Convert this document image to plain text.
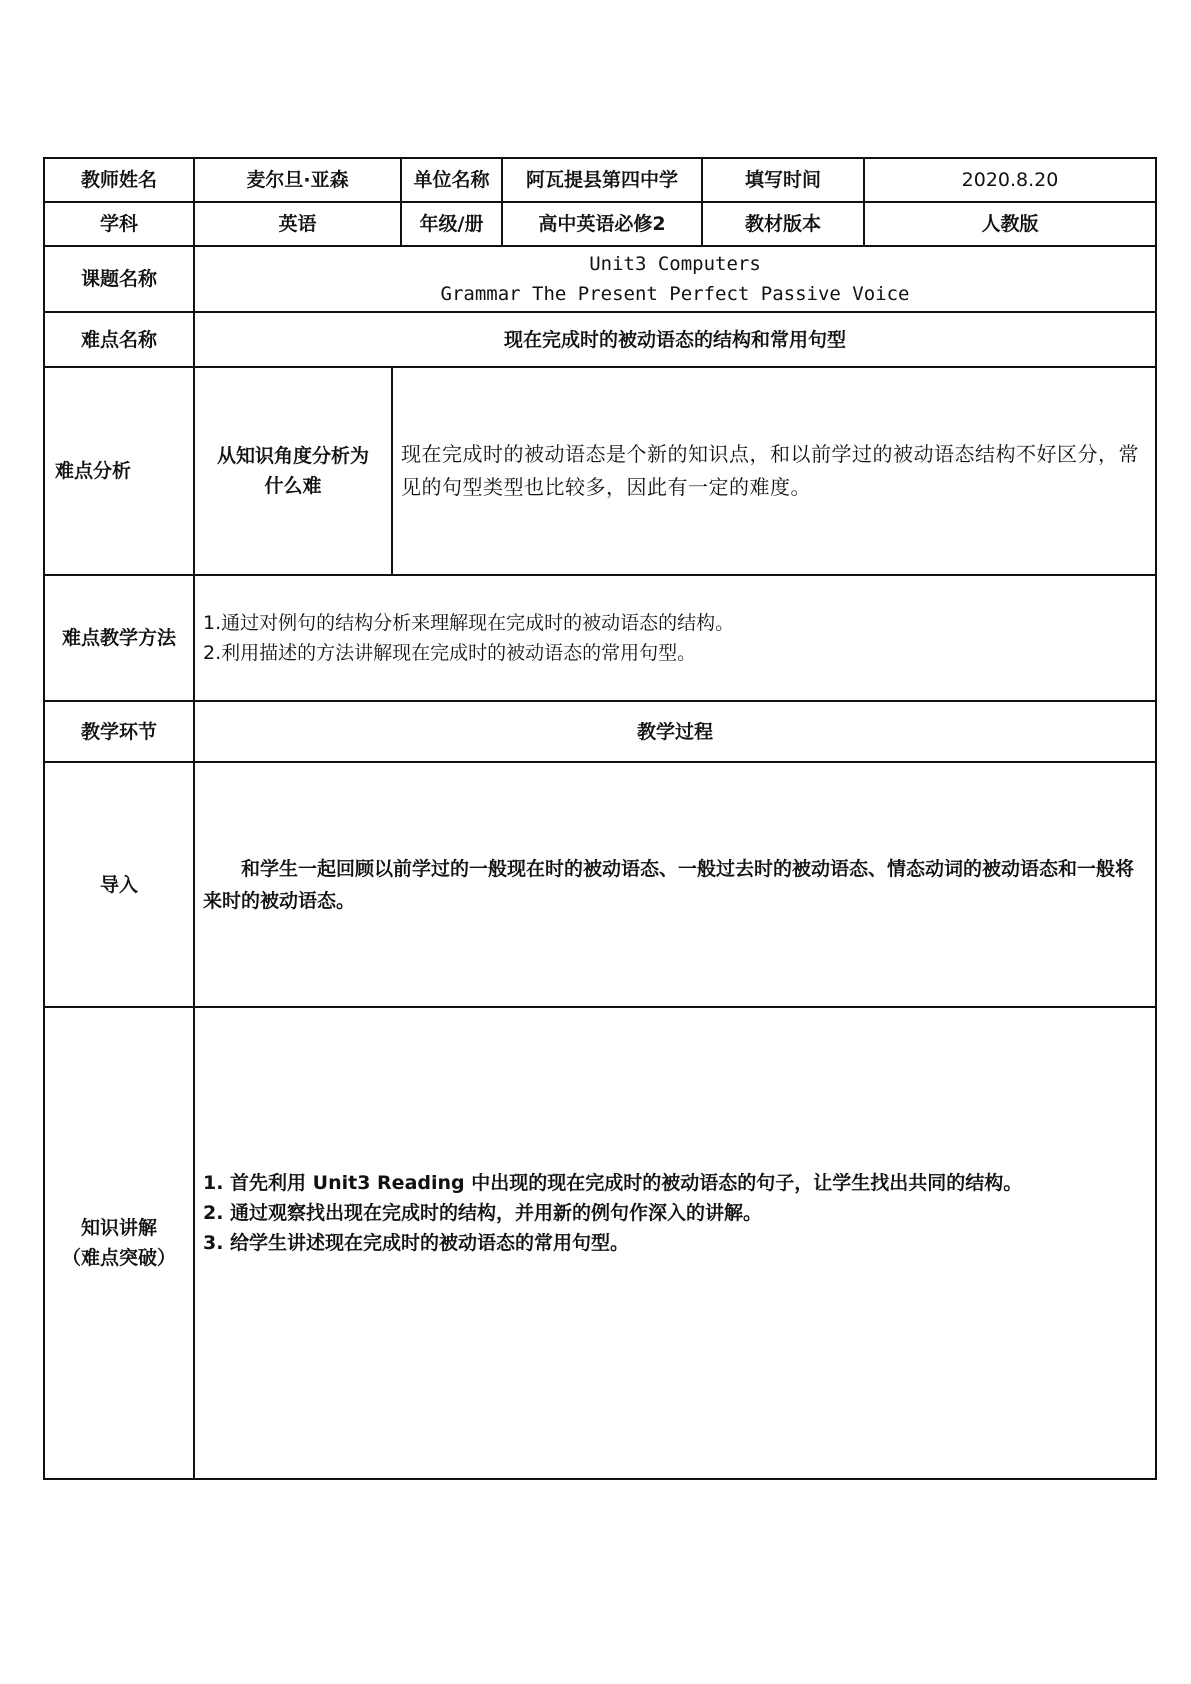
教师姓名	麦尔旦·亚森		单位名称	阿瓦提县第四中学	填写时间	2020.8.20
学科	英语		年级/册	高中英语必修2	教材版本	人教版
课题名称	Unit3 Computers
Grammar The Present Perfect Passive Voice					

难点名称	现在完成时的被动语态的结构和常用句型					
难点分析	从知识角度分析为什么难	现在完成时的被动语态是个新的知识点，和以前学过的被动语态结构不好区分，常见的句型类型也比较多，因此有一定的难度。				
难点教学方法	1.通过对例句的结构分析来理解现在完成时的被动语态的结构。
2.利用描述的方法讲解现在完成时的被动语态的常用句型。					

教学环节	教学过程					
导入	和学生一起回顾以前学过的一般现在时的被动语态、一般过去时的被动语态、情态动词的被动语态和一般将来时的被动语态。					

知识讲解
（难点突破）	1. 首先利用 Unit3 Reading 中出现的现在完成时的被动语态的句子，让学生找出共同的结构。
2. 通过观察找出现在完成时的结构，并用新的例句作深入的讲解。
3. 给学生讲述现在完成时的被动语态的常用句型。					
